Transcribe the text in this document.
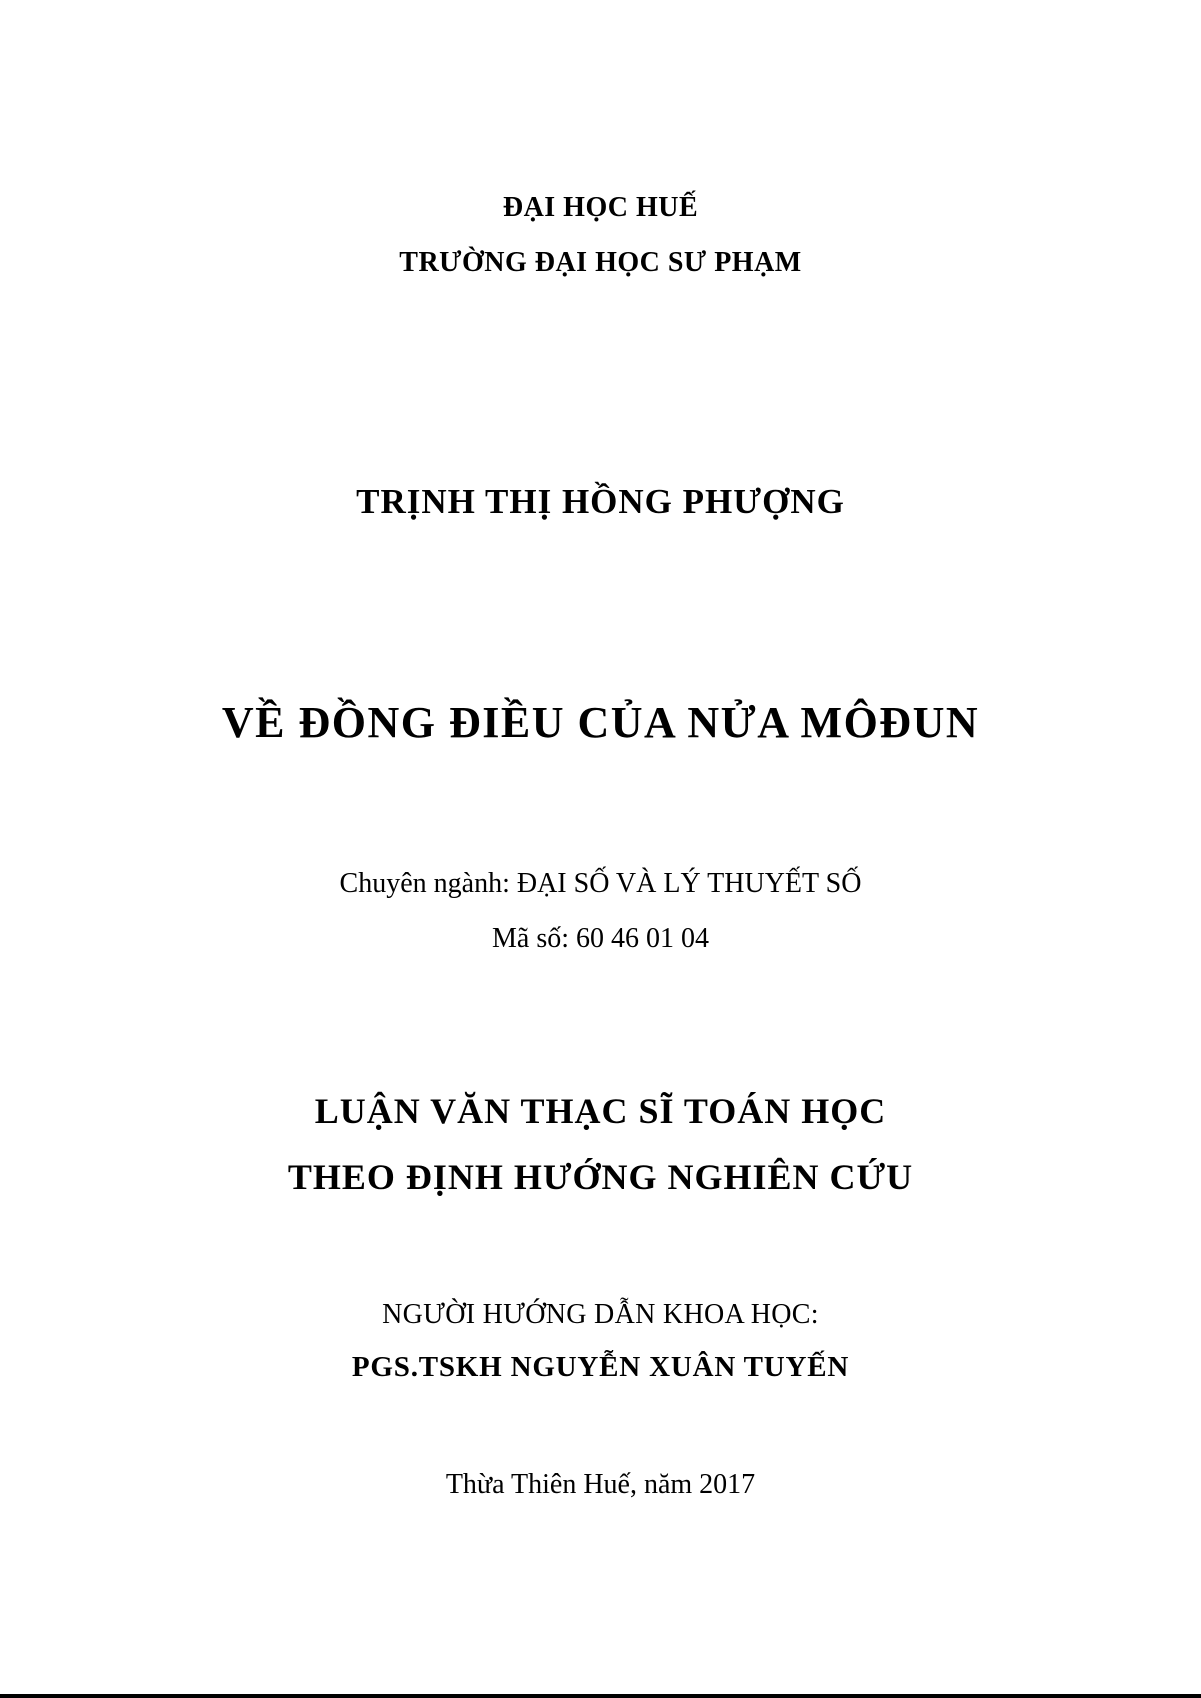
ĐẠI HỌC HUẾ
TRƯỜNG ĐẠI HỌC SƯ PHẠM
TRỊNH THỊ HỒNG PHƯỢNG
VỀ ĐỒNG ĐIỀU CỦA NỬA MÔĐUN
Chuyên ngành: ĐẠI SỐ VÀ LÝ THUYẾT SỐ
Mã số: 60 46 01 04
LUẬN VĂN THẠC SĨ TOÁN HỌC
THEO ĐỊNH HƯỚNG NGHIÊN CỨU
NGƯỜI HƯỚNG DẪN KHOA HỌC:
PGS.TSKH NGUYỄN XUÂN TUYẾN
Thừa Thiên Huế, năm 2017
